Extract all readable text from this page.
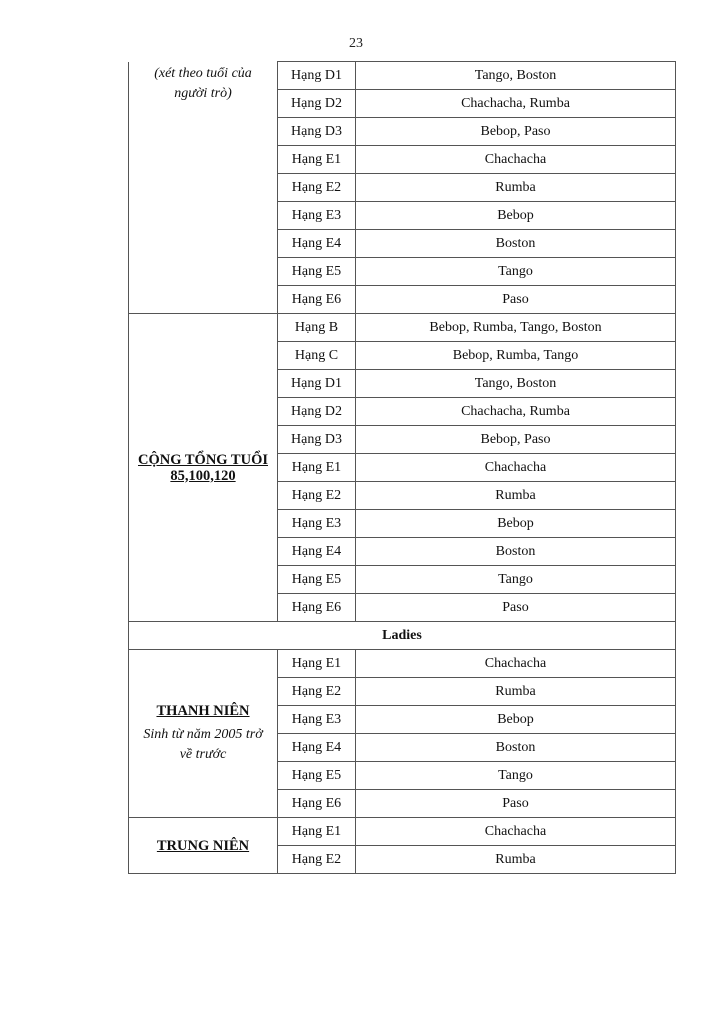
23
(xét theo tuổi của
người trò)	Hạng D1	Tango, Boston
	Hạng D2	Chachacha, Rumba
	Hạng D3	Bebop, Paso
	Hạng E1	Chachacha
	Hạng E2	Rumba
	Hạng E3	Bebop
	Hạng E4	Boston
	Hạng E5	Tango
	Hạng E6	Paso

CỘNG TỔNG TUỔI
85,100,120	Hạng B	Bebop, Rumba, Tango, Boston
	Hạng C	Bebop, Rumba, Tango
	Hạng D1	Tango, Boston
	Hạng D2	Chachacha, Rumba
	Hạng D3	Bebop, Paso
	Hạng E1	Chachacha
	Hạng E2	Rumba
	Hạng E3	Bebop
	Hạng E4	Boston
	Hạng E5	Tango
	Hạng E6	Paso
Ladies		

THANH NIÊN
Sinh từ năm 2005 trở
về trước	Hạng E1	Chachacha
	Hạng E2	Rumba
	Hạng E3	Bebop
	Hạng E4	Boston
	Hạng E5	Tango
	Hạng E6	Paso

TRUNG NIÊN	Hạng E1	Chachacha
	Hạng E2	Rumba
